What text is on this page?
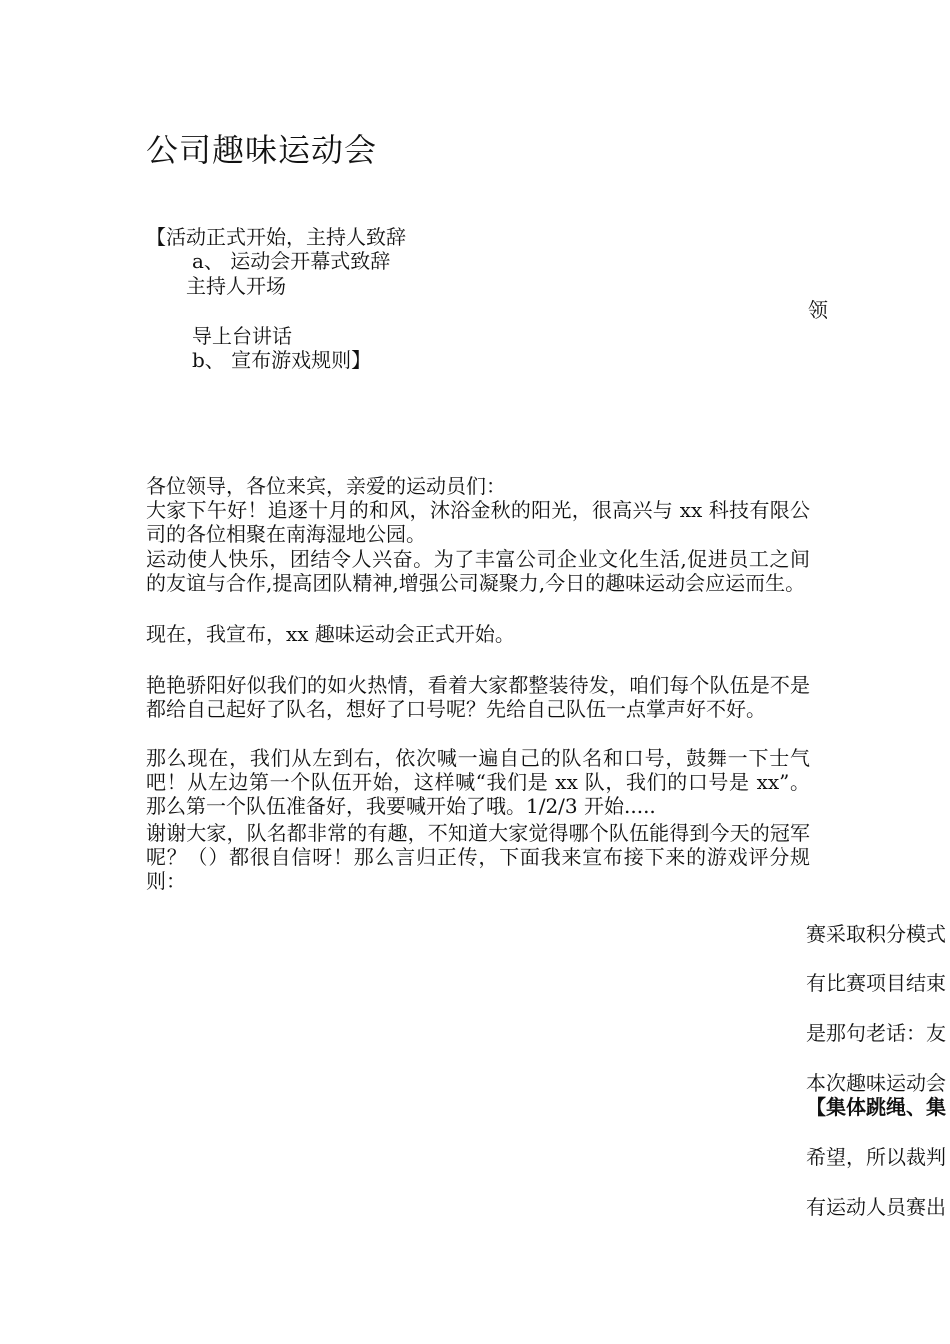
公司趣味运动会
【活动正式开始，主持人致辞
a、 运动会开幕式致辞
主持人开场
领
导上台讲话
b、 宣布游戏规则】
各位领导，各位来宾，亲爱的运动员们：
大家下午好！追逐十月的和风，沐浴金秋的阳光，很高兴与 xx 科技有限公司的各位相聚在南海湿地公园。
运动使人快乐，团结令人兴奋。为了丰富公司企业文化生活,促进员工之间的友谊与合作,提高团队精神,增强公司凝聚力,今日的趣味运动会应运而生。
现在，我宣布，xx 趣味运动会正式开始。
艳艳骄阳好似我们的如火热情，看着大家都整装待发，咱们每个队伍是不是都给自己起好了队名，想好了口号呢？先给自己队伍一点掌声好不好。
那么现在，我们从左到右，依次喊一遍自己的队名和口号，鼓舞一下士气吧！从左边第一个队伍开始，这样喊“我们是 xx 队，我们的口号是 xx”。那么第一个队伍准备好，我要喊开始了哦。1/2/3 开始.....
谢谢大家，队名都非常的有趣，不知道大家觉得哪个队伍能得到今天的冠军呢？（）都很自信呀！那么言归正传，下面我来宣布接下来的游戏评分规则：
赛采取积分模式
有比赛项目结束
是那句老话：友
本次趣味运动会
【集体跳绳、集
希望，所以裁判
有运动人员赛出
